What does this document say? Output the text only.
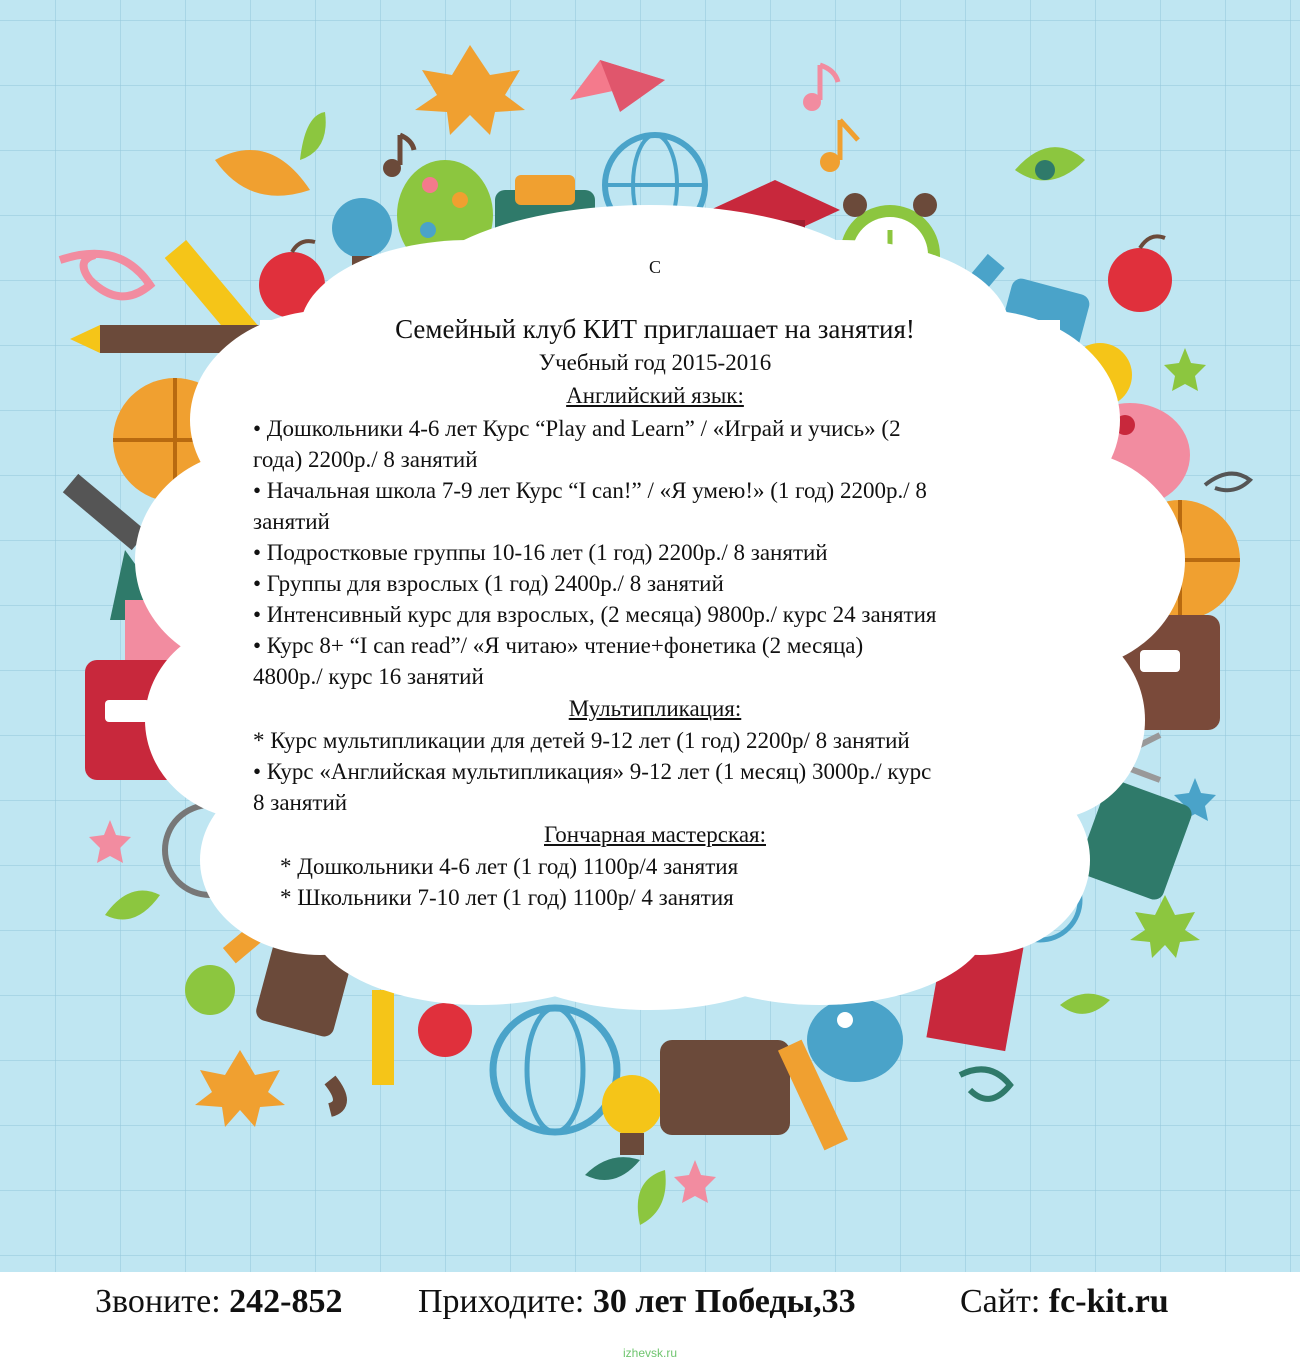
С
Семейный клуб КИТ приглашает на занятия!
Учебный год 2015-2016
Английский язык:
• Дошкольники 4-6 лет Курс “Play and Learn” / «Играй и учись» (2
года) 2200р./ 8 занятий
• Начальная школа 7-9 лет Курс “I can!” / «Я умею!» (1 год) 2200р./ 8
занятий
• Подростковые группы 10-16 лет (1 год) 2200р./ 8 занятий
• Группы для взрослых (1 год) 2400р./ 8 занятий
• Интенсивный курс для взрослых, (2 месяца) 9800р./ курс 24 занятия
• Курс 8+ “I can read”/ «Я читаю» чтение+фонетика (2 месяца)
4800р./ курс 16 занятий
Мультипликация:
* Курс мультипликации для детей 9-12 лет (1 год) 2200р/ 8 занятий
• Курс «Английская мультипликация» 9-12 лет (1 месяц) 3000р./ курс
8 занятий
Гончарная мастерская:
* Дошкольники 4-6 лет (1 год) 1100р/4 занятия
* Школьники 7-10 лет (1 год) 1100р/ 4 занятия
Звоните: 242-852 Приходите: 30 лет Победы,33	Сайт: fc-kit.ru
izhevsk.ru
